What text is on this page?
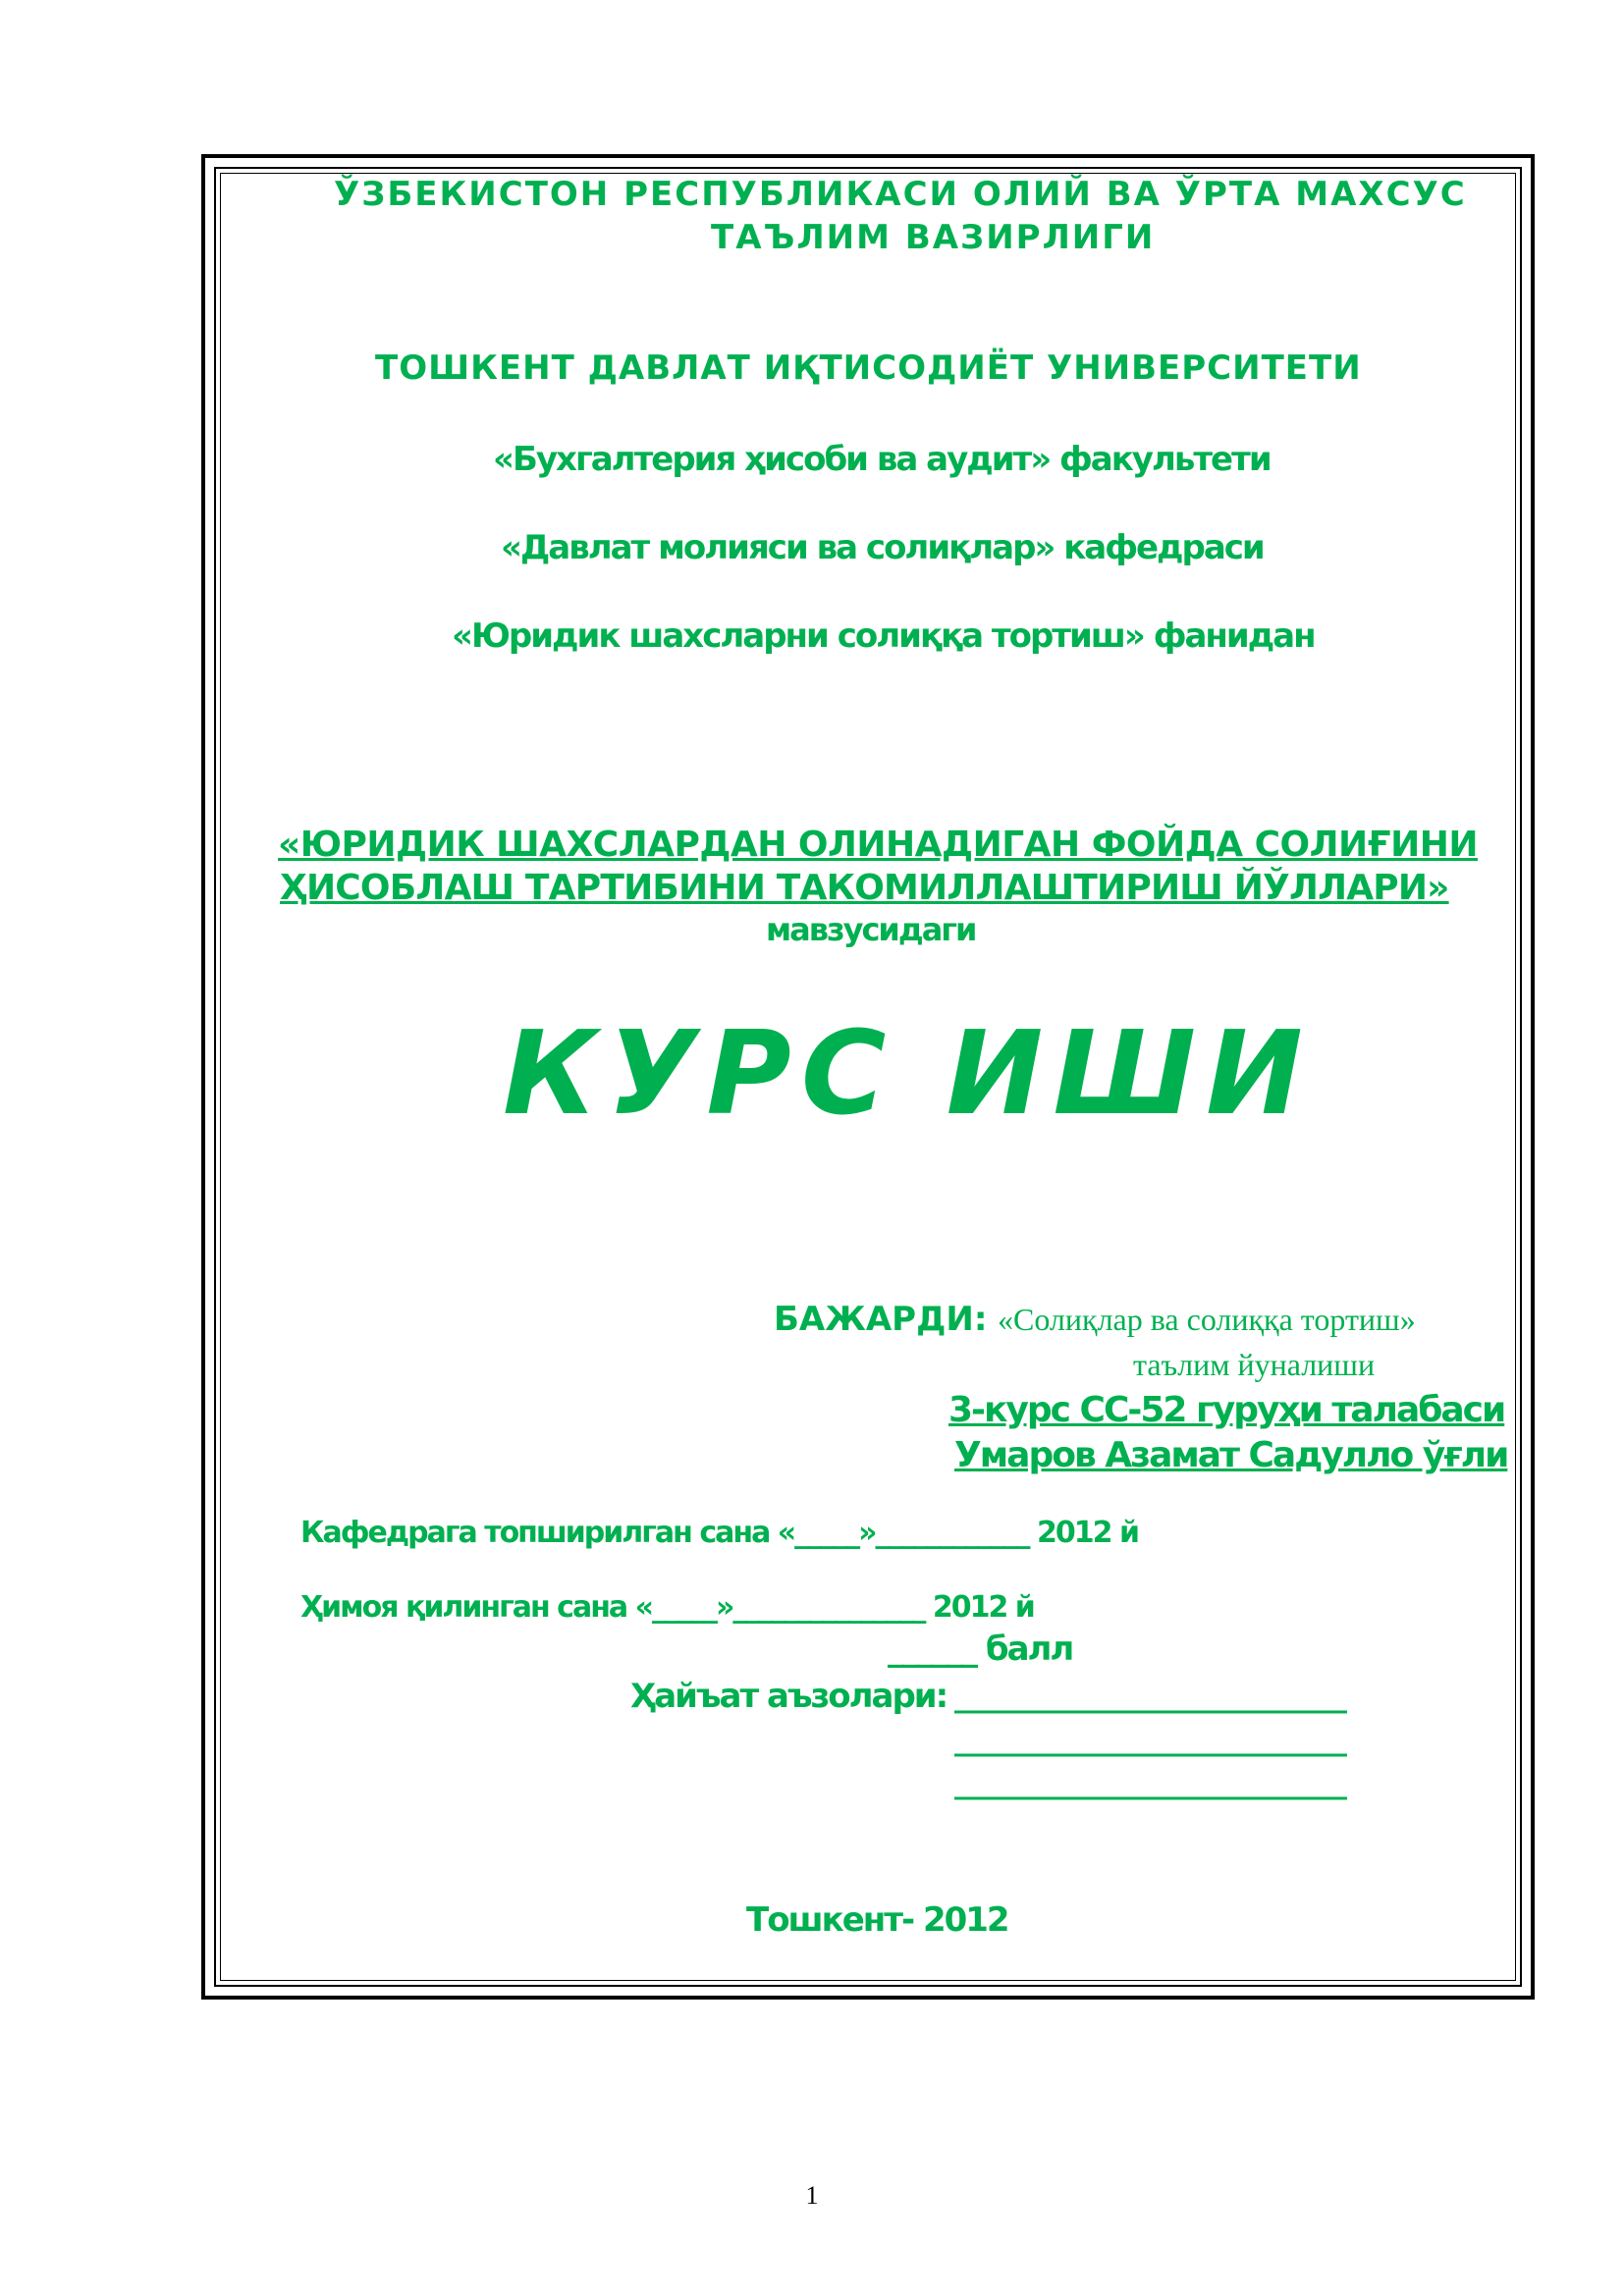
ЎЗБЕКИСТОН РЕСПУБЛИКАСИ ОЛИЙ ВА ЎРТА МАХСУС

ТАЪЛИМ ВАЗИРЛИГИ

ТОШКЕНТ ДАВЛАТ ИҚТИСОДИЁТ УНИВЕРСИТЕТИ

«Бухгалтерия ҳисоби ва аудит» факультети

«Давлат молияси ва солиқлар» кафедраси

«Юридик шахсларни солиққа тортиш» фанидан

«ЮРИДИК ШАХСЛАРДАН ОЛИНАДИГАН ФОЙДА СОЛИҒИНИ

ҲИСОБЛАШ ТАРТИБИНИ ТАКОМИЛЛАШТИРИШ ЙЎЛЛАРИ»

мавзусидаги

КУРС ИШИ

БАЖАРДИ: «Солиқлар ва солиққа тортиш»

таълим йуналиши

3-курс СС-52 гуруҳи талабаси

Умаров Азамат Садулло ўғли

Кафедрага топширилган сана «_____»____________ 2012 й

Ҳимоя қилинган сана «_____»_______________ 2012 й

______ балл

Ҳайъат аъзолари: _________________________

_________________________

_________________________

Тошкент- 2012

1
